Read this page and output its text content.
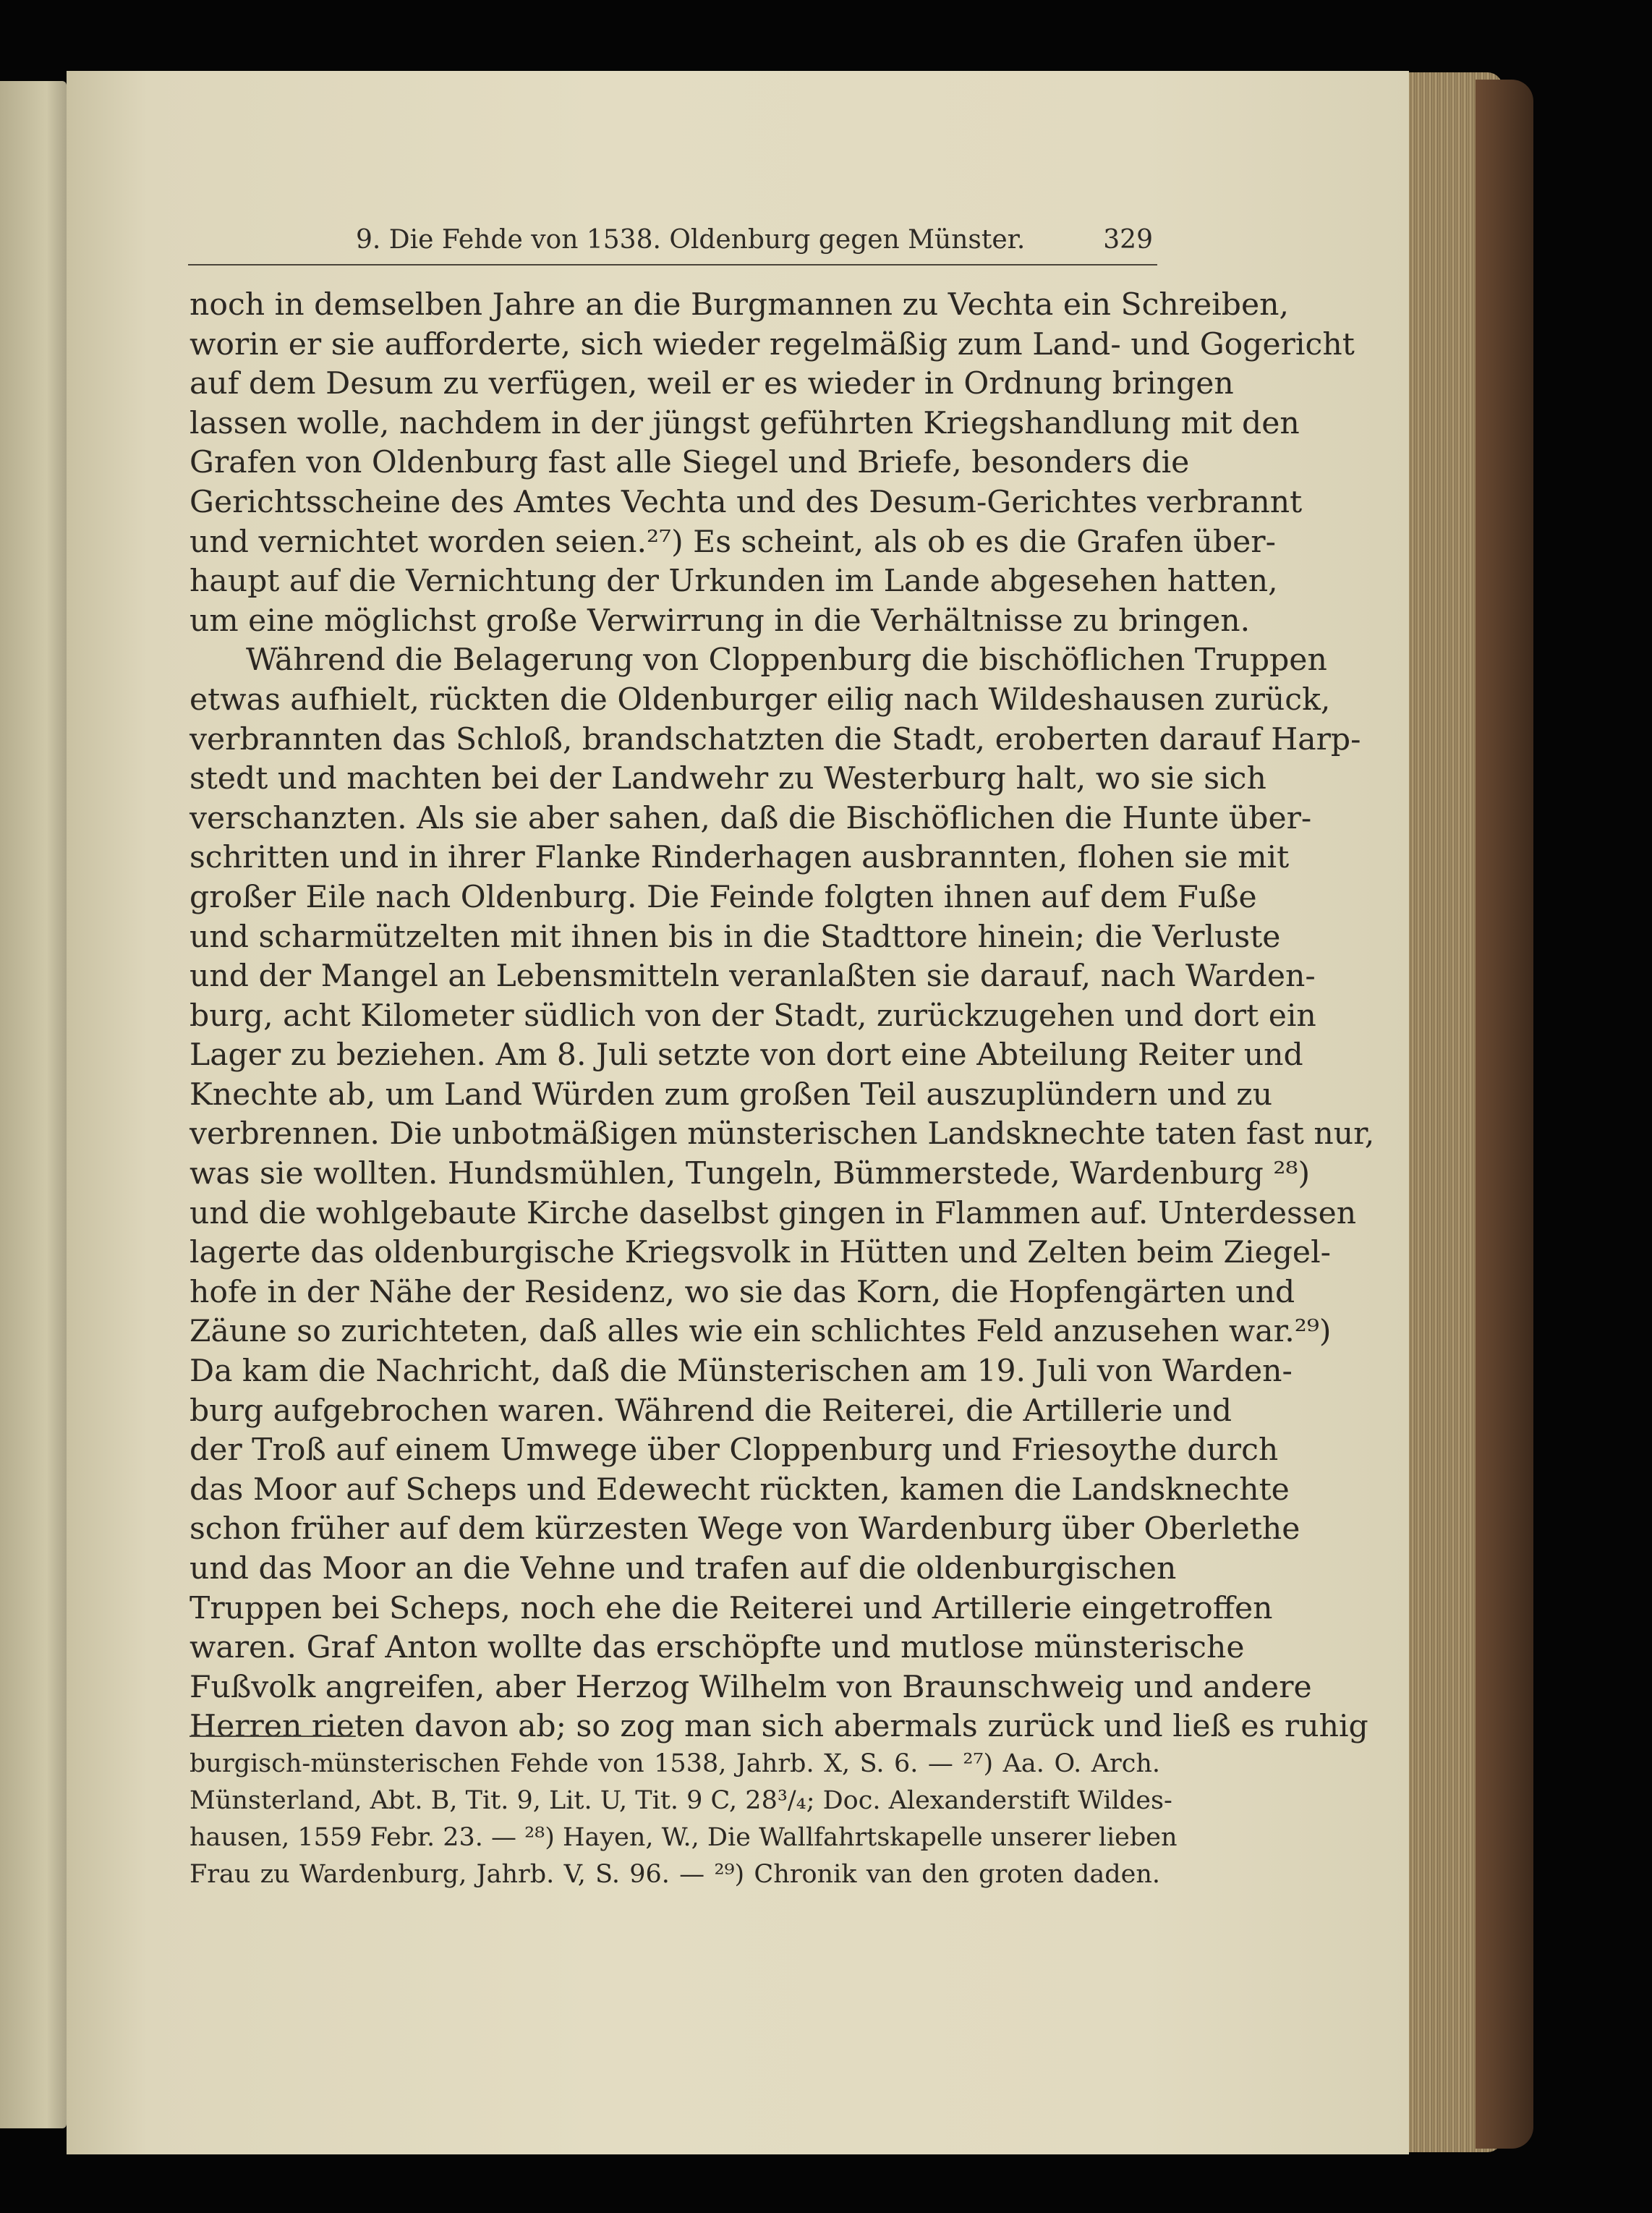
9. Die Fehde von 1538. Oldenburg gegen Münster.	329
noch in demselben Jahre an die Burgmannen zu Vechta ein Schreiben,
worin er sie aufforderte, sich wieder regelmäßig zum Land- und Gogericht
auf dem Desum zu verfügen, weil er es wieder in Ordnung bringen
lassen wolle, nachdem in der jüngst geführten Kriegshandlung mit den
Grafen von Oldenburg fast alle Siegel und Briefe, besonders die
Gerichtsscheine des Amtes Vechta und des Desum-Gerichtes verbrannt
und vernichtet worden seien.²⁷) Es scheint, als ob es die Grafen über-
haupt auf die Vernichtung der Urkunden im Lande abgesehen hatten,
um eine möglichst große Verwirrung in die Verhältnisse zu bringen.
Während die Belagerung von Cloppenburg die bischöflichen Truppen
etwas aufhielt, rückten die Oldenburger eilig nach Wildeshausen zurück,
verbrannten das Schloß, brandschatzten die Stadt, eroberten darauf Harp-
stedt und machten bei der Landwehr zu Westerburg halt, wo sie sich
verschanzten. Als sie aber sahen, daß die Bischöflichen die Hunte über-
schritten und in ihrer Flanke Rinderhagen ausbrannten, flohen sie mit
großer Eile nach Oldenburg. Die Feinde folgten ihnen auf dem Fuße
und scharmützelten mit ihnen bis in die Stadttore hinein; die Verluste
und der Mangel an Lebensmitteln veranlaßten sie darauf, nach Warden-
burg, acht Kilometer südlich von der Stadt, zurückzugehen und dort ein
Lager zu beziehen. Am 8. Juli setzte von dort eine Abteilung Reiter und
Knechte ab, um Land Würden zum großen Teil auszuplündern und zu
verbrennen. Die unbotmäßigen münsterischen Landsknechte taten fast nur,
was sie wollten. Hundsmühlen, Tungeln, Bümmerstede, Wardenburg ²⁸)
und die wohlgebaute Kirche daselbst gingen in Flammen auf. Unterdessen
lagerte das oldenburgische Kriegsvolk in Hütten und Zelten beim Ziegel-
hofe in der Nähe der Residenz, wo sie das Korn, die Hopfengärten und
Zäune so zurichteten, daß alles wie ein schlichtes Feld anzusehen war.²⁹)
Da kam die Nachricht, daß die Münsterischen am 19. Juli von Warden-
burg aufgebrochen waren. Während die Reiterei, die Artillerie und
der Troß auf einem Umwege über Cloppenburg und Friesoythe durch
das Moor auf Scheps und Edewecht rückten, kamen die Landsknechte
schon früher auf dem kürzesten Wege von Wardenburg über Oberlethe
und das Moor an die Vehne und trafen auf die oldenburgischen
Truppen bei Scheps, noch ehe die Reiterei und Artillerie eingetroffen
waren. Graf Anton wollte das erschöpfte und mutlose münsterische
Fußvolk angreifen, aber Herzog Wilhelm von Braunschweig und andere
Herren rieten davon ab; so zog man sich abermals zurück und ließ es ruhig
burgisch-münsterischen Fehde von 1538, Jahrb. X, S. 6. — ²⁷) Aa. O. Arch.
Münsterland, Abt. B, Tit. 9, Lit. U, Tit. 9 C, 28³/₄; Doc. Alexanderstift Wildes-
hausen, 1559 Febr. 23. — ²⁸) Hayen, W., Die Wallfahrtskapelle unserer lieben
Frau zu Wardenburg, Jahrb. V, S. 96. — ²⁹) Chronik van den groten daden.
